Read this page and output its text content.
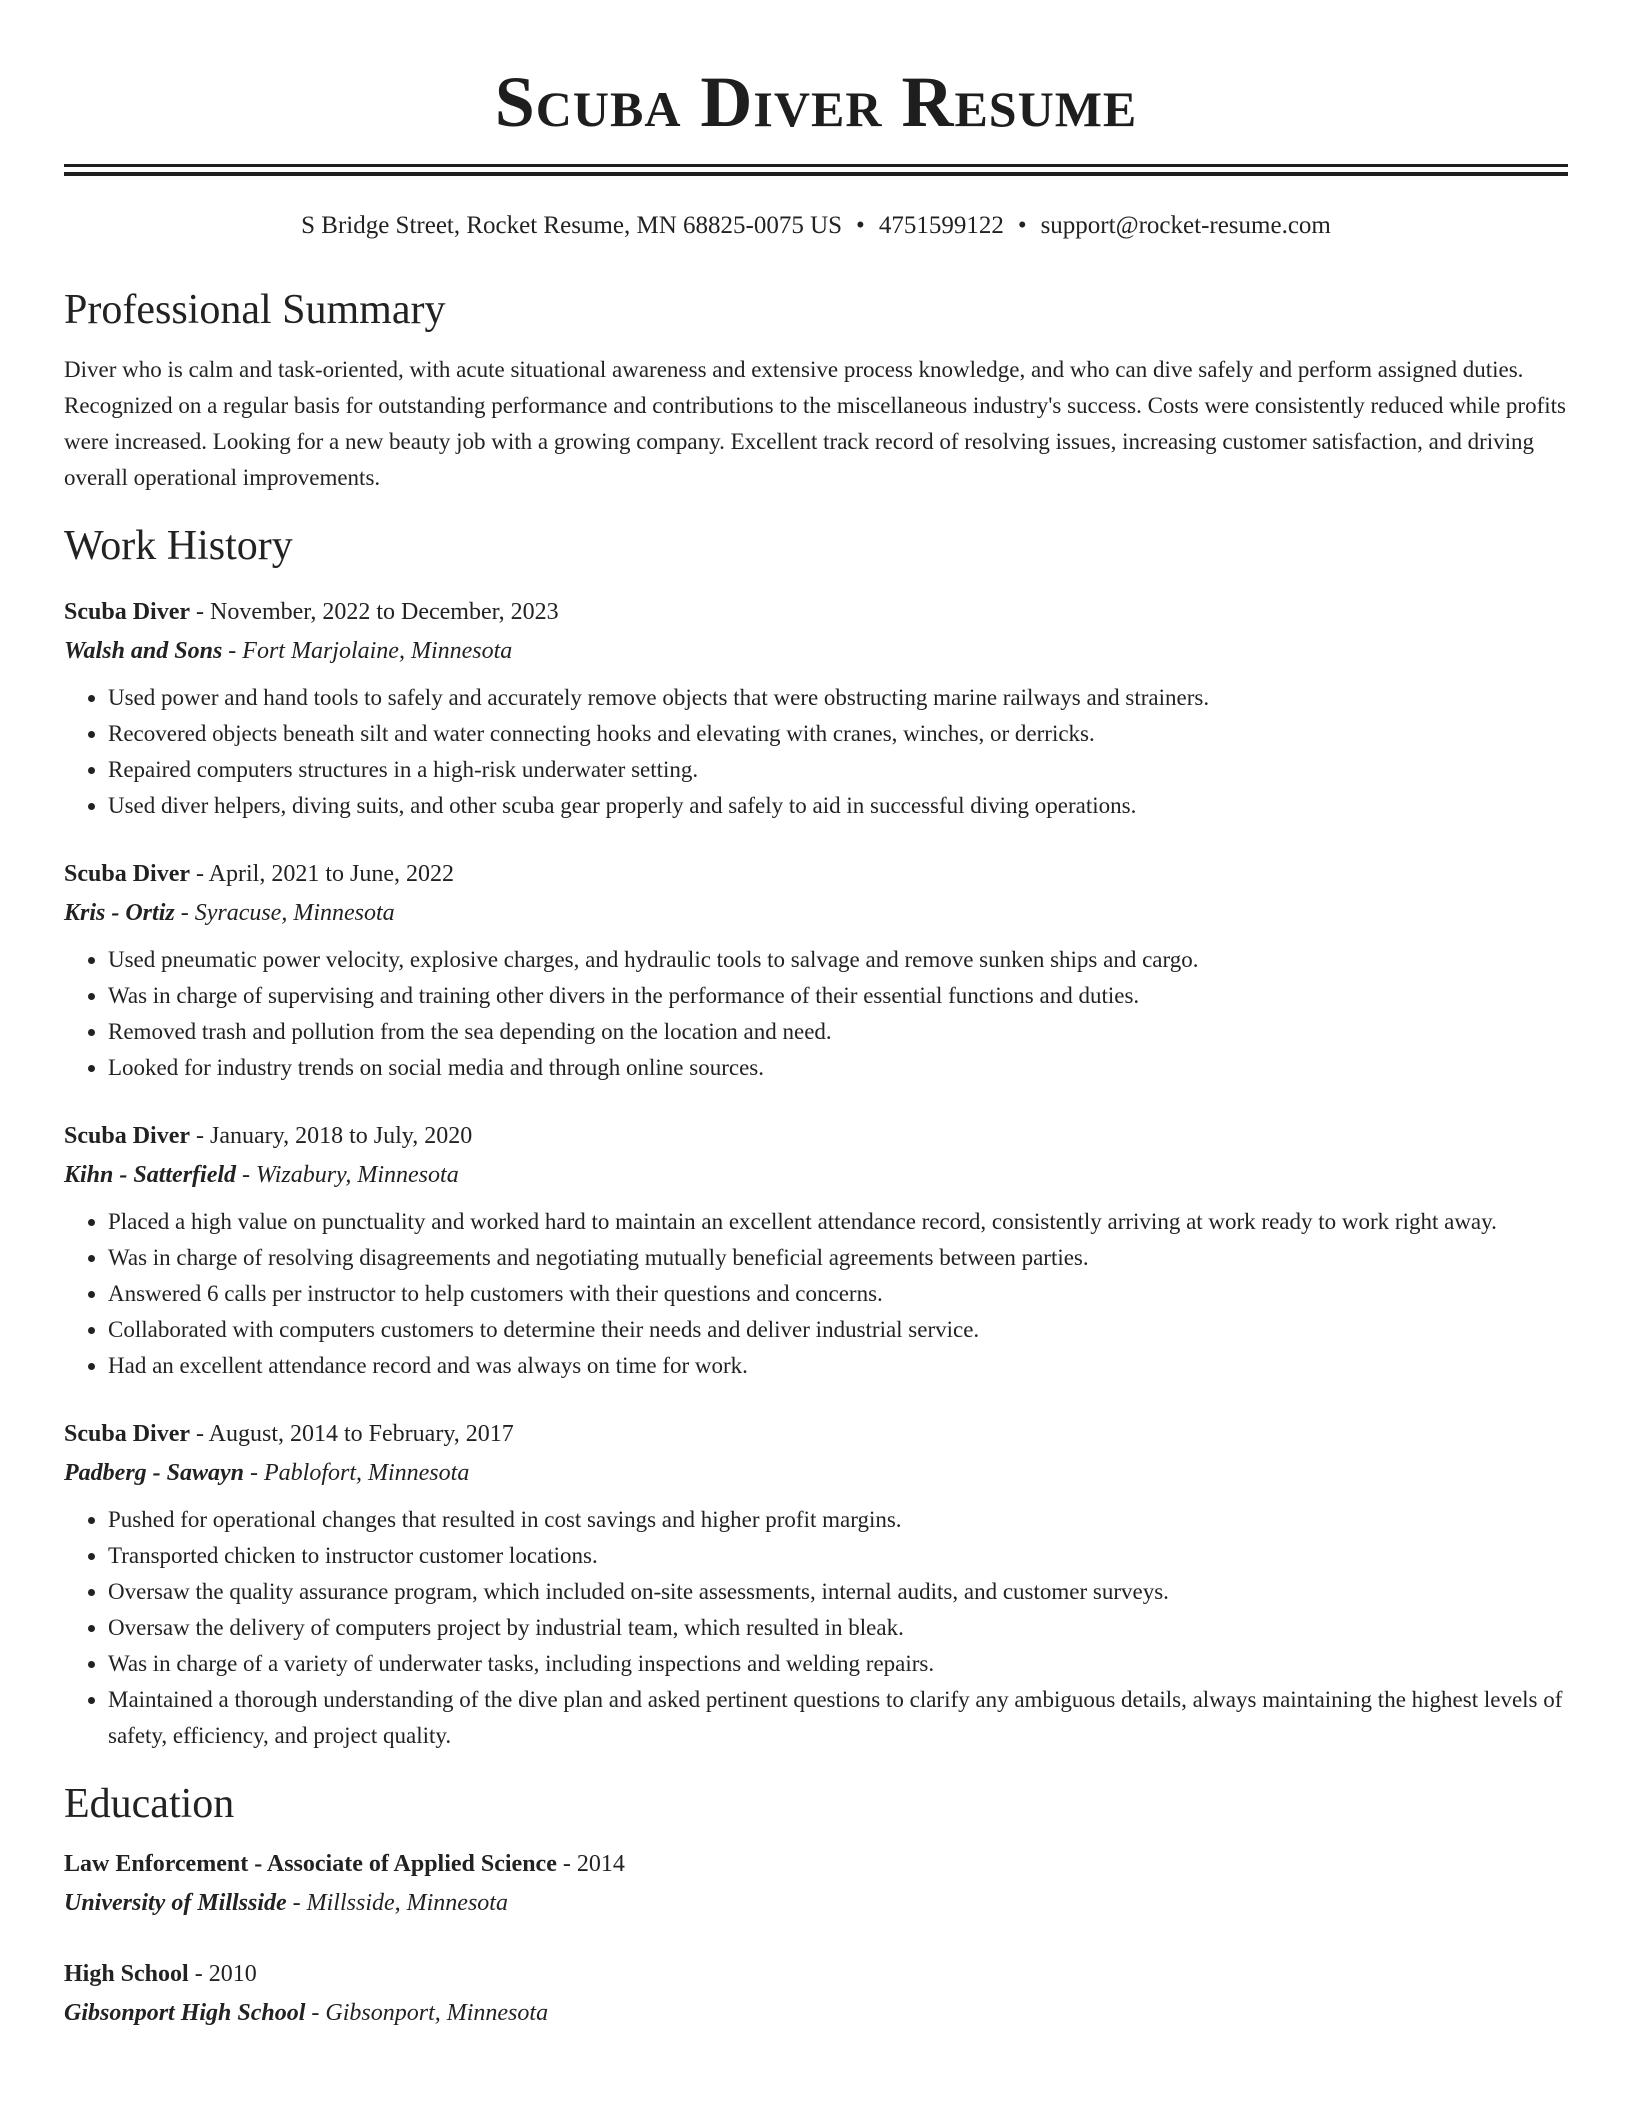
Scuba Diver Resume
S Bridge Street, Rocket Resume, MN 68825-0075 US • 4751599122 • support@rocket-resume.com
Professional Summary
Diver who is calm and task-oriented, with acute situational awareness and extensive process knowledge, and who can dive safely and perform assigned duties. Recognized on a regular basis for outstanding performance and contributions to the miscellaneous industry's success. Costs were consistently reduced while profits were increased. Looking for a new beauty job with a growing company. Excellent track record of resolving issues, increasing customer satisfaction, and driving overall operational improvements.
Work History
Scuba Diver - November, 2022 to December, 2023
Walsh and Sons - Fort Marjolaine, Minnesota
• Used power and hand tools to safely and accurately remove objects that were obstructing marine railways and strainers.
• Recovered objects beneath silt and water connecting hooks and elevating with cranes, winches, or derricks.
• Repaired computers structures in a high-risk underwater setting.
• Used diver helpers, diving suits, and other scuba gear properly and safely to aid in successful diving operations.
Scuba Diver - April, 2021 to June, 2022
Kris - Ortiz - Syracuse, Minnesota
• Used pneumatic power velocity, explosive charges, and hydraulic tools to salvage and remove sunken ships and cargo.
• Was in charge of supervising and training other divers in the performance of their essential functions and duties.
• Removed trash and pollution from the sea depending on the location and need.
• Looked for industry trends on social media and through online sources.
Scuba Diver - January, 2018 to July, 2020
Kihn - Satterfield - Wizabury, Minnesota
• Placed a high value on punctuality and worked hard to maintain an excellent attendance record, consistently arriving at work ready to work right away.
• Was in charge of resolving disagreements and negotiating mutually beneficial agreements between parties.
• Answered 6 calls per instructor to help customers with their questions and concerns.
• Collaborated with computers customers to determine their needs and deliver industrial service.
• Had an excellent attendance record and was always on time for work.
Scuba Diver - August, 2014 to February, 2017
Padberg - Sawayn - Pablofort, Minnesota
• Pushed for operational changes that resulted in cost savings and higher profit margins.
• Transported chicken to instructor customer locations.
• Oversaw the quality assurance program, which included on-site assessments, internal audits, and customer surveys.
• Oversaw the delivery of computers project by industrial team, which resulted in bleak.
• Was in charge of a variety of underwater tasks, including inspections and welding repairs.
• Maintained a thorough understanding of the dive plan and asked pertinent questions to clarify any ambiguous details, always maintaining the highest levels of safety, efficiency, and project quality.
Education
Law Enforcement - Associate of Applied Science - 2014
University of Millsside - Millsside, Minnesota
High School - 2010
Gibsonport High School - Gibsonport, Minnesota
